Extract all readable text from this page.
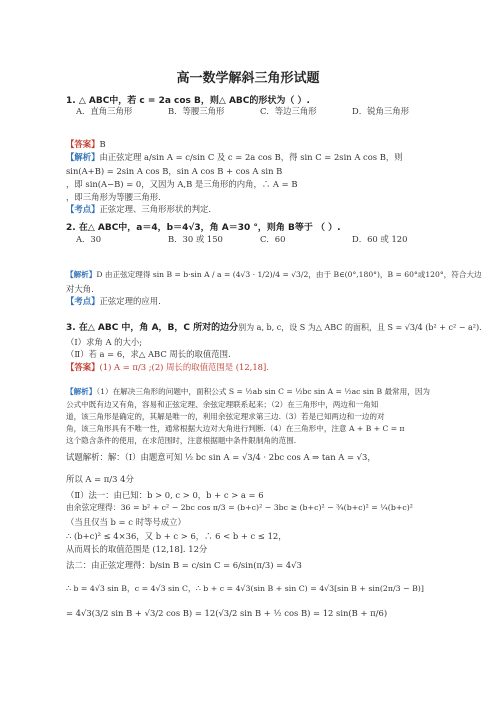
高一数学解斜三角形试题
1. △ ABC中，若 c = 2a cos B，则△ ABC的形状为（ ）.
A．直角三角形	B．等腰三角形	C．等边三角形	D．锐角三角形
【答案】B
【解析】由正弦定理 a/sin A = c/sin C 及 c = 2a cos B，得 sin C = 2sin A cos B，则
sin(A+B) = 2sin A cos B，sin A cos B + cos A sin B
，即 sin(A−B) = 0，又因为 A,B 是三角形的内角，∴ A = B
，即三角形为等腰三角形.
【考点】正弦定理、三角形形状的判定.
2. 在△ ABC中，a＝4，b＝4√3，角 A＝30 °，则角 B等于 （ ）.
A．30	B．30 或 150	C．60	D．60 或 120
【解析】D 由正弦定理得 sin B = b·sin A / a = (4√3 · 1/2)/4 = √3/2，由于 B∈(0°,180°)，B = 60°或120°，符合大边
对大角.
【考点】正弦定理的应用.
3. 在△ ABC 中，角 A，B，C 所对的边分别为 a, b, c，设 S 为△ ABC 的面积，且 S = √3/4 (b² + c² − a²).
（Ⅰ）求角 A 的大小;
（Ⅱ）若 a = 6，求△ ABC 周长的取值范围.
【答案】(1) A = π/3 ;(2) 周长的取值范围是 (12,18].
【解析】（1）在解决三角形的问题中，面积公式 S = ½ab sin C = ½bc sin A = ½ac sin B 最常用，因为
公式中既有边又有角，容易和正弦定理、余弦定理联系起来；（2）在三角形中，两边和一角知
道，该三角形是确定的，其解是唯一的，利用余弦定理求第三边.（3）若是已知两边和一边的对
角，该三角形具有不唯一性，通常根据大边对大角进行判断.（4）在三角形中，注意 A + B + C = π
这个隐含条件的使用，在求范围时，注意根据题中条件限制角的范围.
试题解析：解：（Ⅰ）由题意可知 ½ bc sin A = √3/4 · 2bc cos A ⇒ tan A = √3，
所以 A = π/3 4分
（Ⅱ）法一：由已知：b > 0, c > 0，b + c > a = 6
由余弦定理得：36 = b² + c² − 2bc cos π/3 = (b+c)² − 3bc ≥ (b+c)² − ¾(b+c)² = ¼(b+c)²
（当且仅当 b = c 时等号成立）
∴ (b+c)² ≤ 4×36，又 b + c > 6，∴ 6 < b + c ≤ 12，
从而周长的取值范围是 (12,18]. 12分
法二：由正弦定理得：b/sin B = c/sin C = 6/sin(π/3) = 4√3
∴ b = 4√3 sin B，c = 4√3 sin C，∴ b + c = 4√3(sin B + sin C) = 4√3[sin B + sin(2π/3 − B)]
= 4√3(3/2 sin B + √3/2 cos B) = 12(√3/2 sin B + ½ cos B) = 12 sin(B + π/6)
